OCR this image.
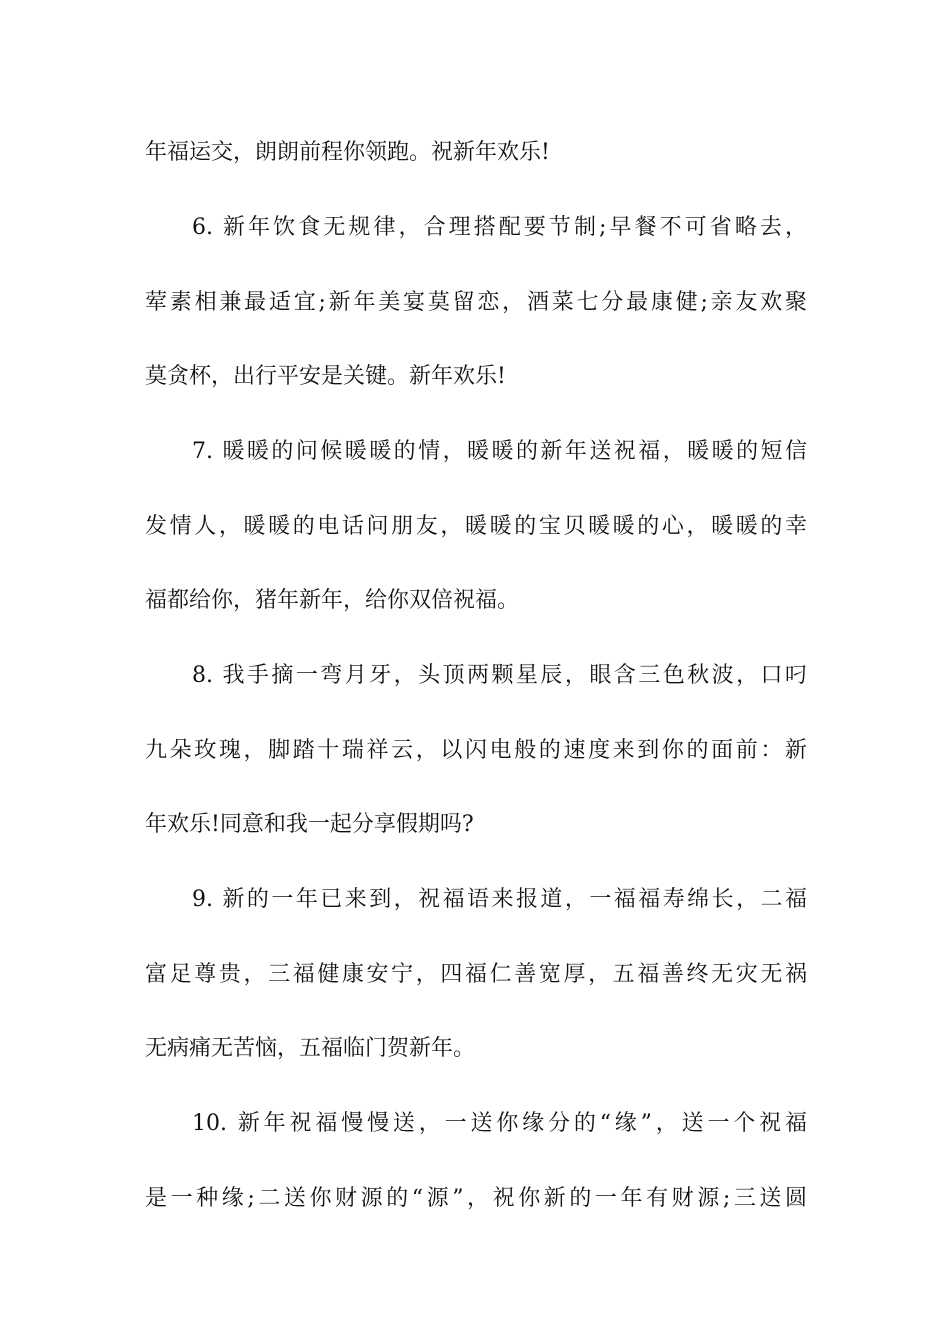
年福运交，朗朗前程你领跑。祝新年欢乐!
6. 新年饮食无规律，合理搭配要节制;早餐不可省略去，
荤素相兼最适宜;新年美宴莫留恋，酒菜七分最康健;亲友欢聚
莫贪杯，出行平安是关键。新年欢乐!
7. 暖暖的问候暖暖的情，暖暖的新年送祝福，暖暖的短信
发情人，暖暖的电话问朋友，暖暖的宝贝暖暖的心，暖暖的幸
福都给你，猪年新年，给你双倍祝福。
8. 我手摘一弯月牙，头顶两颗星辰，眼含三色秋波，口叼
九朵玫瑰，脚踏十瑞祥云，以闪电般的速度来到你的面前：新
年欢乐!同意和我一起分享假期吗?
9. 新的一年已来到，祝福语来报道，一福福寿绵长，二福
富足尊贵，三福健康安宁，四福仁善宽厚，五福善终无灾无祸
无病痛无苦恼，五福临门贺新年。
10. 新年祝福慢慢送，一送你缘分的“缘”，送一个祝福
是一种缘;二送你财源的“源”，祝你新的一年有财源;三送圆
